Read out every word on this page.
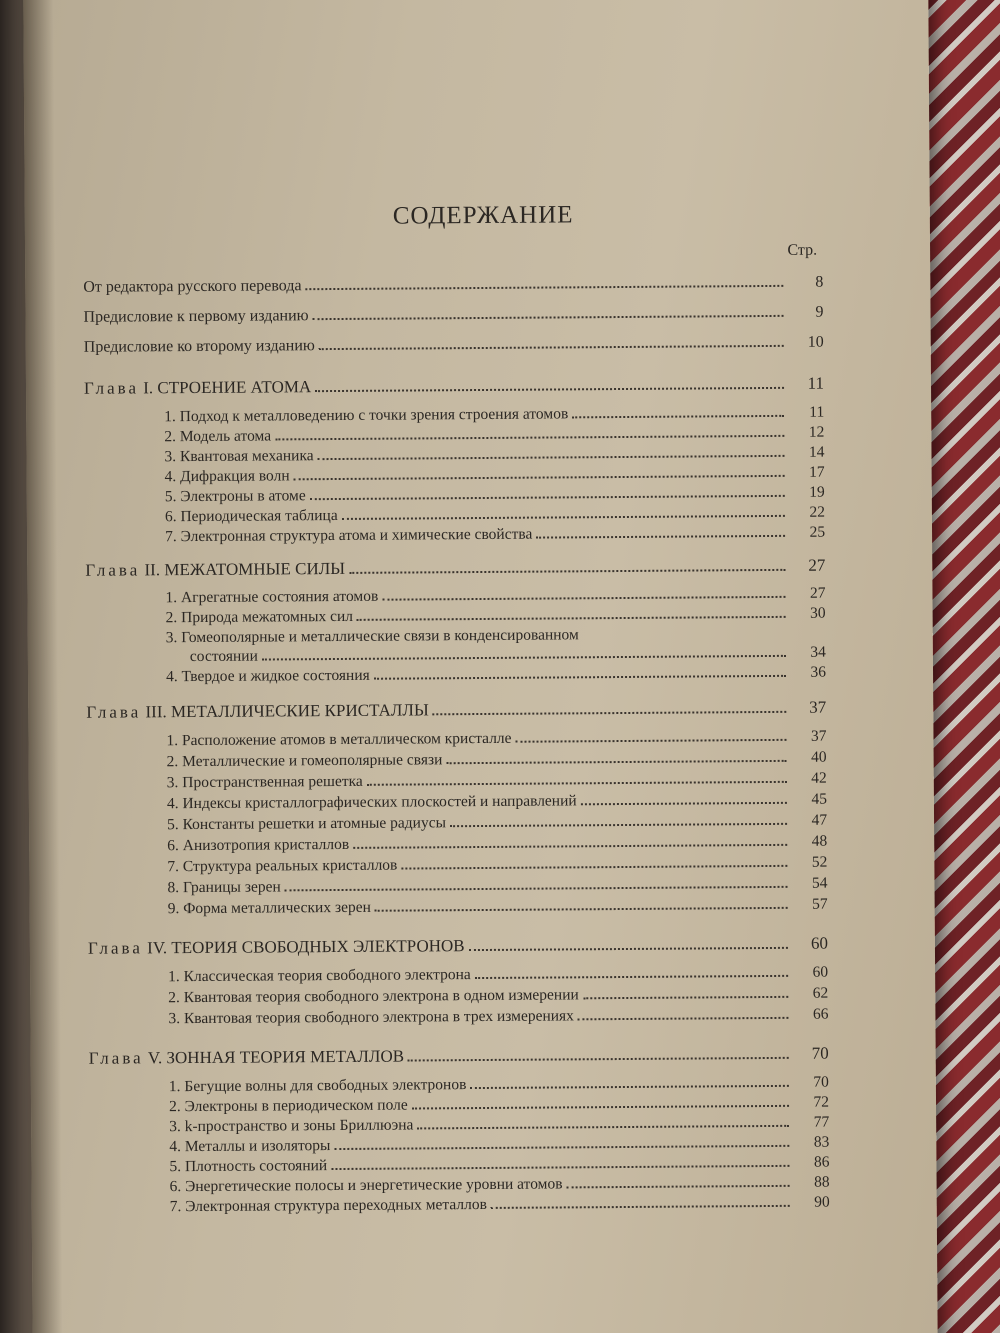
СОДЕРЖАНИЕ
Стр.
От редактора русского перевода	8
Предисловие к первому изданию	9
Предисловие ко второму изданию	10
Глава I. СТРОЕНИЕ АТОМА	11
1. Подход к металловедению с точки зрения строения атомов	11
2. Модель атома	12
3. Квантовая механика	14
4. Дифракция волн	17
5. Электроны в атоме	19
6. Периодическая таблица	22
7. Электронная структура атома и химические свойства	25
Глава II. МЕЖАТОМНЫЕ СИЛЫ	27
1. Агрегатные состояния атомов	27
2. Природа межатомных сил	30
3. Гомеополярные и металлические связи в конденсированном
состоянии	34
4. Твердое и жидкое состояния	36
Глава III. МЕТАЛЛИЧЕСКИЕ КРИСТАЛЛЫ	37
1. Расположение атомов в металлическом кристалле	37
2. Металлические и гомеополярные связи	40
3. Пространственная решетка	42
4. Индексы кристаллографических плоскостей и направлений	45
5. Константы решетки и атомные радиусы	47
6. Анизотропия кристаллов	48
7. Структура реальных кристаллов	52
8. Границы зерен	54
9. Форма металлических зерен	57
Глава IV. ТЕОРИЯ СВОБОДНЫХ ЭЛЕКТРОНОВ	60
1. Классическая теория свободного электрона	60
2. Квантовая теория свободного электрона в одном измерении	62
3. Квантовая теория свободного электрона в трех измерениях	66
Глава V. ЗОННАЯ ТЕОРИЯ МЕТАЛЛОВ	70
1. Бегущие волны для свободных электронов	70
2. Электроны в периодическом поле	72
3. k-пространство и зоны Бриллюэна	77
4. Металлы и изоляторы	83
5. Плотность состояний	86
6. Энергетические полосы и энергетические уровни атомов	88
7. Электронная структура переходных металлов	90
